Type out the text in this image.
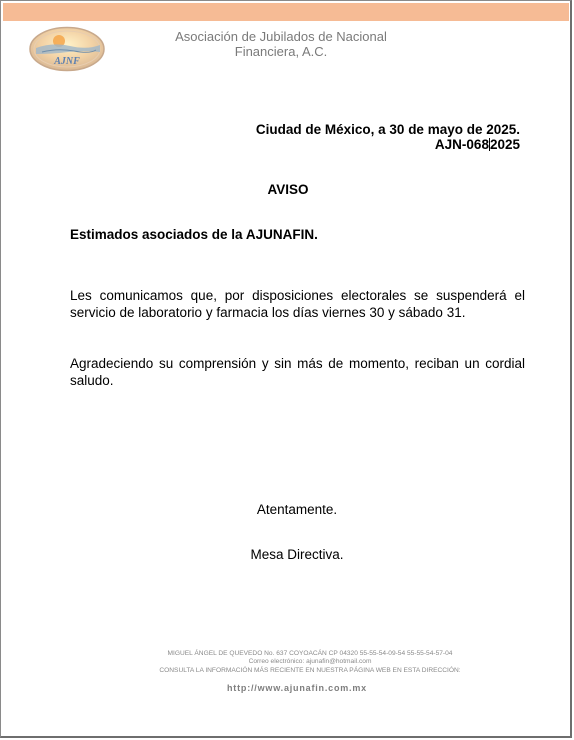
AJNF
Asociación de Jubilados de Nacional
Financiera, A.C.
Ciudad de México, a 30 de mayo de 2025.
AJN-0682025
AVISO
Estimados asociados de la AJUNAFIN.
Les comunicamos que, por disposiciones electorales se suspenderá el servicio de laboratorio y farmacia los días viernes 30 y sábado 31.
Agradeciendo su comprensión y sin más de momento, reciban un cordial saludo.
Atentamente.
Mesa Directiva.
MIGUEL ÁNGEL DE QUEVEDO No. 637 COYOACÁN CP 04320 55-55-54-09-54 55-55-54-57-04
Correo electrónico: ajunafin@hotmail.com
CONSULTA LA INFORMACIÓN MÁS RECIENTE EN NUESTRA PÁGINA WEB EN ESTA DIRECCIÓN:
http://www.ajunafin.com.mx
